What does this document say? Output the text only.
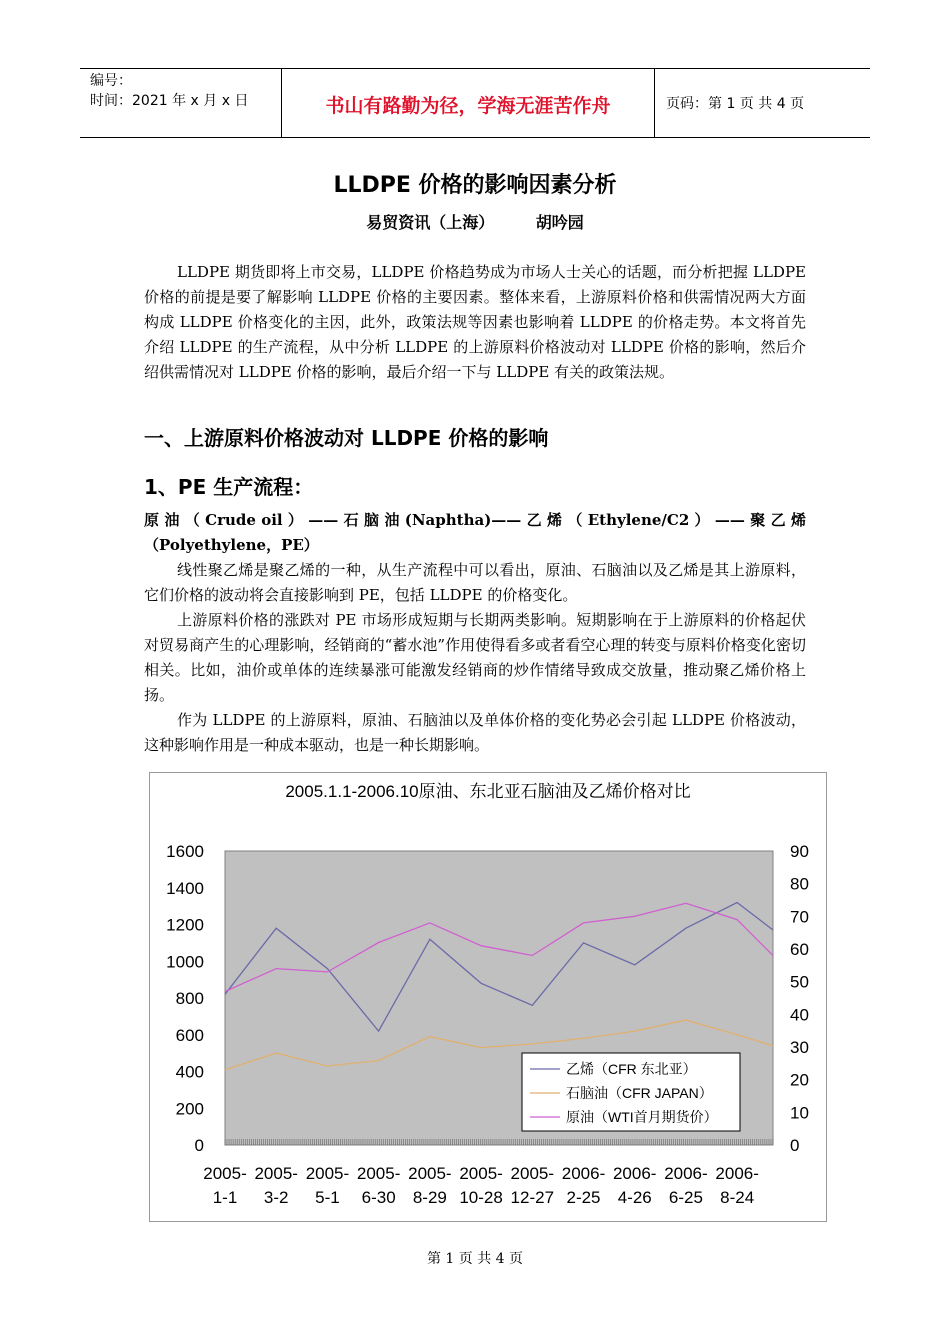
编号：
时间：2021 年 x 月 x 日	书山有路勤为径，学海无涯苦作舟	页码：第 1 页 共 4 页
LLDPE 价格的影响因素分析
易贸资讯（上海）	胡吟园
LLDPE 期货即将上市交易，LLDPE 价格趋势成为市场人士关心的话题，而分析把握 LLDPE 价格的前提是要了解影响 LLDPE 价格的主要因素。整体来看，上游原料价格和供需情况两大方面构成 LLDPE 价格变化的主因，此外，政策法规等因素也影响着 LLDPE 的价格走势。本文将首先介绍 LLDPE 的生产流程，从中分析 LLDPE 的上游原料价格波动对 LLDPE 价格的影响，然后介绍供需情况对 LLDPE 价格的影响，最后介绍一下与 LLDPE 有关的政策法规。
一、上游原料价格波动对 LLDPE 价格的影响
1、PE 生产流程：
原 油 （ Crude oil ） —— 石 脑 油 (Naphtha)—— 乙 烯 （ Ethylene/C2 ） —— 聚 乙 烯 （Polyethylene，PE）
线性聚乙烯是聚乙烯的一种，从生产流程中可以看出，原油、石脑油以及乙烯是其上游原料，它们价格的波动将会直接影响到 PE，包括 LLDPE 的价格变化。
上游原料价格的涨跌对 PE 市场形成短期与长期两类影响。短期影响在于上游原料的价格起伏对贸易商产生的心理影响，经销商的“蓄水池”作用使得看多或者看空心理的转变与原料价格变化密切相关。比如，油价或单体的连续暴涨可能激发经销商的炒作情绪导致成交放量，推动聚乙烯价格上扬。
作为 LLDPE 的上游原料，原油、石脑油以及单体价格的变化势必会引起 LLDPE 价格波动，这种影响作用是一种成本驱动，也是一种长期影响。
2005.1.1-2006.10原油、东北亚石脑油及乙烯价格对比
1600
1400
1200
1000
800
600
400
200
0
90
80
70
60
50
40
30
20
10
0
2005-
1-1
2005-
3-2
2005-
5-1
2005-
6-30
2005-
8-29
2005-
10-28
2005-
12-27
2006-
2-25
2006-
4-26
2006-
6-25
2006-
8-24
乙烯（CFR 东北亚）
石脑油（CFR JAPAN）
原油（WTI首月期货价）
第 1 页 共 4 页
